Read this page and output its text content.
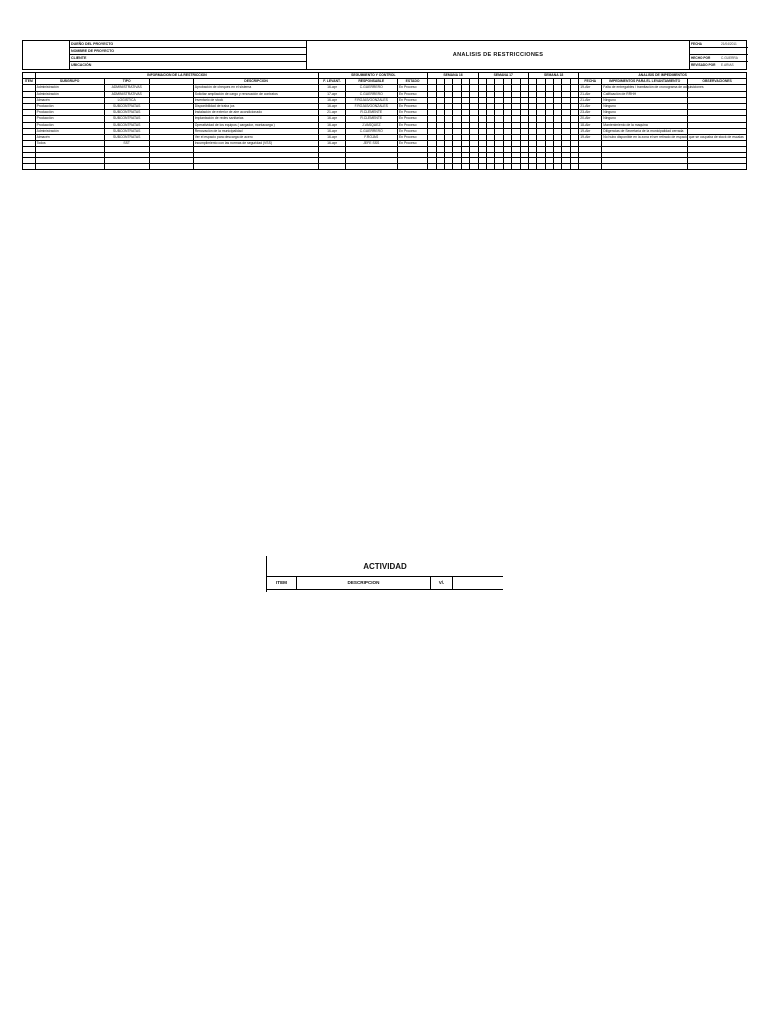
DUEÑO DEL PROYECTO
NOMBRE DE PROYECTO
CLIENTE
UBICACIÓN
ANALISIS DE RESTRICCIONES
FECHA	21/04/2011
HECHO POR	C.GUERRA
REVISADO POR E.ARIAS
	INFORMACION DE LA RESTRICCION				SEGUIMIENTO Y CONTROL			SEMANA 16						SEMANA 17						SEMANA 18						ANALISIS DE IMPEDIMENTOS		
ITEM	SUBGRUPO	TIPO		DESCRIPCION	F. LEVANT.	RESPONSABLE	ESTADO																			FECHA	IMPEDIMENTOS PARA EL LEVANTAMIENTO	OBSERVACIONES
	Administración	ADMINISTRATIVAS		Aprobación de cheques en el sistema	16-apr	C.GUERRERO	En Proceso																			19-Abr	Falta de entregables / tramitación de cronograma de adquisiciones	
	Administración	ADMINISTRATIVAS		Solicitar ampliación de cargo y renovación de contratos	17-apr	C.GUERRERO	En Proceso																			21-Abr	Calificación de RRHH	
	Almacén	LOGISTICA		Inventario de stock	16-apr	F.ROJAS/GONZALES	En Proceso																			21-Abr	Ninguno	
	Producción	SUBCONTRATAS		Disponibilidad de traba jos	16-apr	F.ROJAS/GONZALES	En Proceso																			21-Abr	Ninguno	
	Producción	SUBCONTRATAS		Instalación de exterior de aire acondicionado	21-apr	R.CLEMENTE	En Proceso																			23-Abr	Ninguno	
	Producción	SUBCONTRATAS		Implantación de redes sanitarias	16-apr	R.CLEMENTE	En Proceso																			20-Abr	Ninguno	
	Producción	SUBCONTRATAS		Operatividad de los equipos ( cargador, montacarga )	16-apr	J.VASQUEZ	En Proceso																			18-Abr	Mantenimiento de la maquina	
	Administración	SUBCONTRATAS		Renovación de la municipalidad	16-apr	C.GUERRERO	En Proceso																			19-Abr	Diligencias de Secretaría de la municipalidad cerrada	
	Almacén	SUBCONTRATAS		Ver el espacio para descarga de acero	16-apr	F.ROJAS	En Proceso																			19-Abr	No hubo disponible en la zona el ser retirado de espacio que se ocupaba de stock de escalas	
	Todos	SST		Incumplimiento con las normas de seguridad (VSS)	16-apr	JEFE SSS	En Proceso																					

ACTIVIDAD
ITEM	DESCRIPCION	V/.
